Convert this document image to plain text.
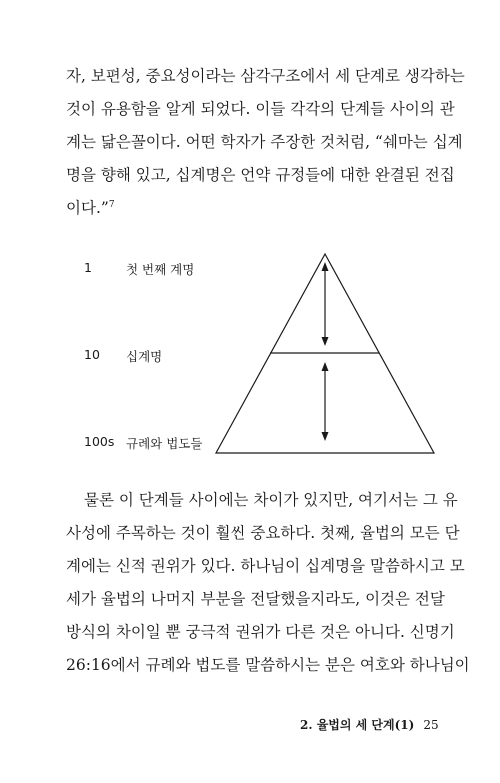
자, 보편성, 중요성이라는 삼각구조에서 세 단계로 생각하는
것이 유용함을 알게 되었다. 이들 각각의 단계들 사이의 관
계는 닮은꼴이다. 어떤 학자가 주장한 것처럼, “쉐마는 십계
명을 향해 있고, 십계명은 언약 규정들에 대한 완결된 전집
이다.”$^7$
1	첫 번째 계명
10 십계명
100s 규례와 법도들
물론 이 단계들 사이에는 차이가 있지만, 여기서는 그 유
사성에 주목하는 것이 훨씬 중요하다. 첫째, 율법의 모든 단
계에는 신적 권위가 있다. 하나님이 십계명을 말씀하시고 모
세가 율법의 나머지 부분을 전달했을지라도, 이것은 전달
방식의 차이일 뿐 궁극적 권위가 다른 것은 아니다. 신명기
26:16에서 규례와 법도를 말씀하시는 분은 여호와 하나님이
2. 율법의 세 단계(1) 25
